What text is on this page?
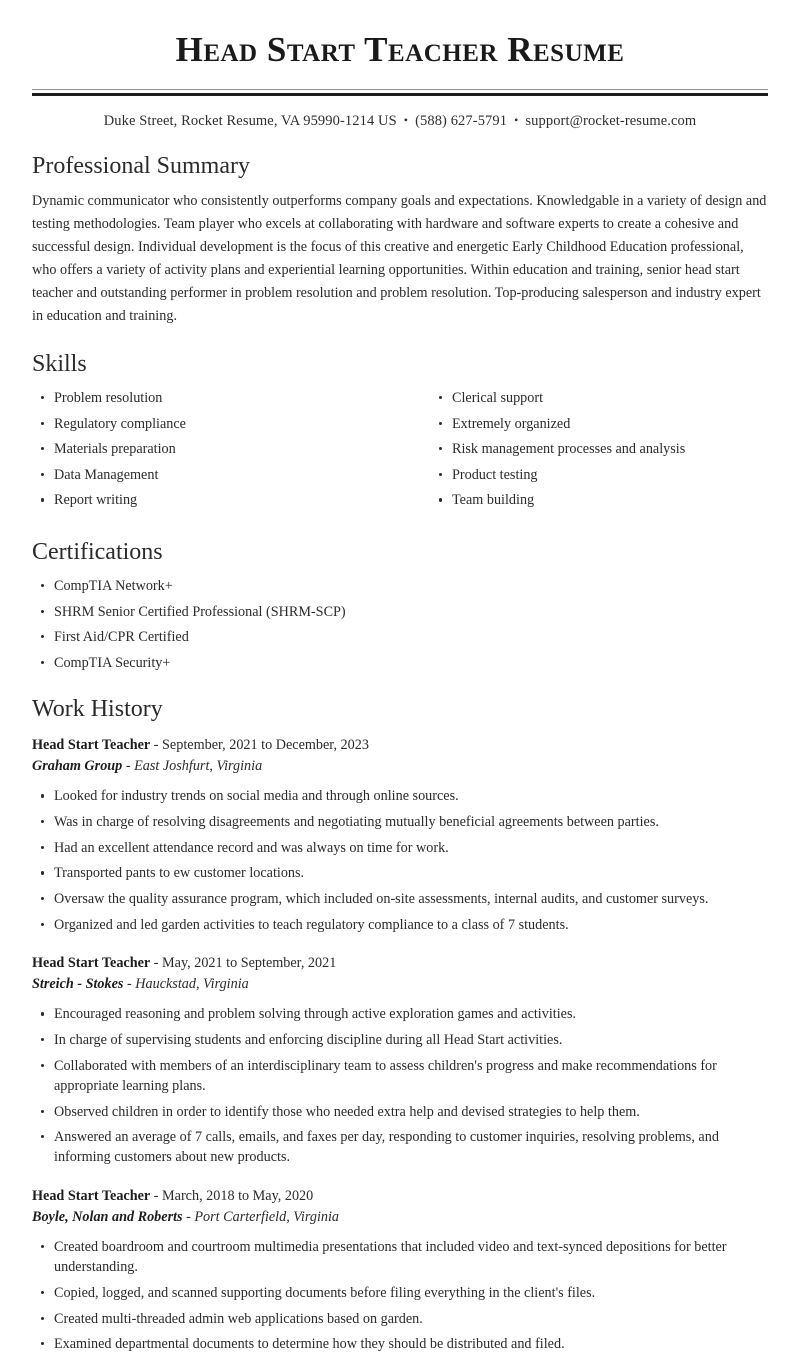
Head Start Teacher Resume
Duke Street, Rocket Resume, VA 95990-1214 US • (588) 627-5791 • support@rocket-resume.com
Professional Summary

Dynamic communicator who consistently outperforms company goals and expectations. Knowledgable in a variety of design and testing methodologies. Team player who excels at collaborating with hardware and software experts to create a cohesive and successful design. Individual development is the focus of this creative and energetic Early Childhood Education professional, who offers a variety of activity plans and experiential learning opportunities. Within education and training, senior head start teacher and outstanding performer in problem resolution and problem resolution. Top-producing salesperson and industry expert in education and training.

Skills
Problem resolution
Regulatory compliance
Materials preparation
Data Management
Report writing
Clerical support
Extremely organized
Risk management processes and analysis
Product testing
Team building
Certifications
CompTIA Network+
SHRM Senior Certified Professional (SHRM-SCP)
First Aid/CPR Certified
CompTIA Security+
Work History
Head Start Teacher - September, 2021 to December, 2023
Graham Group - East Joshfurt, Virginia
Looked for industry trends on social media and through online sources.
Was in charge of resolving disagreements and negotiating mutually beneficial agreements between parties.
Had an excellent attendance record and was always on time for work.
Transported pants to ew customer locations.
Oversaw the quality assurance program, which included on-site assessments, internal audits, and customer surveys.
Organized and led garden activities to teach regulatory compliance to a class of 7 students.
Head Start Teacher - May, 2021 to September, 2021
Streich - Stokes - Hauckstad, Virginia
Encouraged reasoning and problem solving through active exploration games and activities.
In charge of supervising students and enforcing discipline during all Head Start activities.
Collaborated with members of an interdisciplinary team to assess children's progress and make recommendations for appropriate learning plans.
Observed children in order to identify those who needed extra help and devised strategies to help them.
Answered an average of 7 calls, emails, and faxes per day, responding to customer inquiries, resolving problems, and informing customers about new products.
Head Start Teacher - March, 2018 to May, 2020
Boyle, Nolan and Roberts - Port Carterfield, Virginia
Created boardroom and courtroom multimedia presentations that included video and text-synced depositions for better understanding.
Copied, logged, and scanned supporting documents before filing everything in the client's files.
Created multi-threaded admin web applications based on garden.
Examined departmental documents to determine how they should be distributed and filed.
